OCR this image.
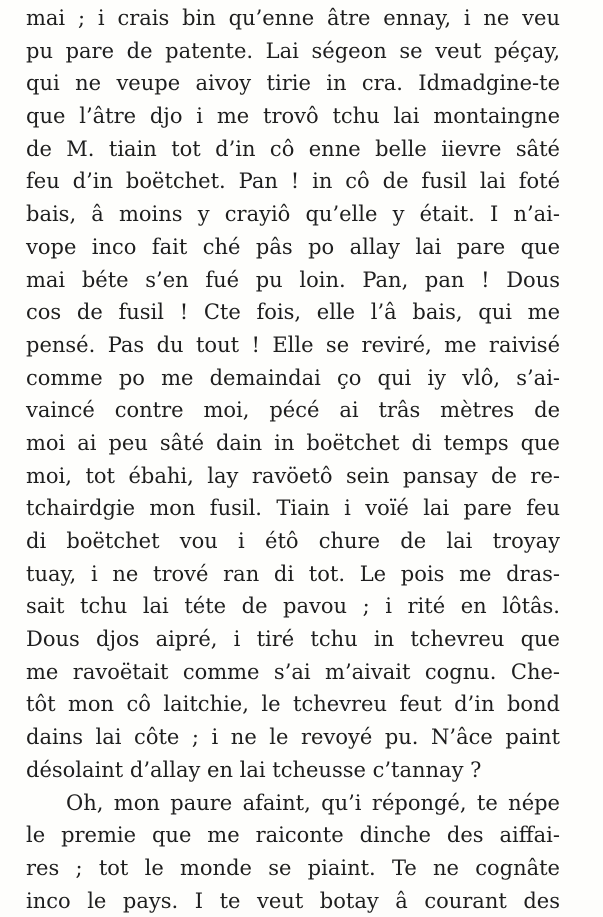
mai ; i crais bin qu’enne âtre ennay, i ne veu
pu pare de patente. Lai ségeon se veut péçay,
qui ne veupe aivoy tirie in cra. Idmadgine-te
que l’âtre djo i me trovô tchu lai montaingne
de M. tiain tot d’in cô enne belle iievre sâté
feu d’in boëtchet. Pan ! in cô de fusil lai foté
bais, â moins y crayiô qu’elle y était. I n’ai-
vope inco fait ché pâs po allay lai pare que
mai béte s’en fué pu loin. Pan, pan ! Dous
cos de fusil ! Cte fois, elle l’â bais, qui me
pensé. Pas du tout ! Elle se reviré, me raivisé
comme po me demaindai ço qui iy vlô, s’ai-
vaincé contre moi, pécé ai trâs mètres de
moi ai peu sâté dain in boëtchet di temps que
moi, tot ébahi, lay ravöetô sein pansay de re-
tchairdgie mon fusil. Tiain i voïé lai pare feu
di boëtchet vou i étô chure de lai troyay
tuay, i ne trové ran di tot. Le pois me dras-
sait tchu lai téte de pavou ; i rité en lôtâs.
Dous djos aipré, i tiré tchu in tchevreu que
me ravoëtait comme s’ai m’aivait cognu. Che-
tôt mon cô laitchie, le tchevreu feut d’in bond
dains lai côte ; i ne le revoyé pu. N’âce paint
désolaint d’allay en lai tcheusse c’tannay ?
Oh, mon paure afaint, qu’i répongé, te népe
le premie que me raiconte dinche des aiffai-
res ; tot le monde se piaint. Te ne cognâte
inco le pays. I te veut botay â courant des
